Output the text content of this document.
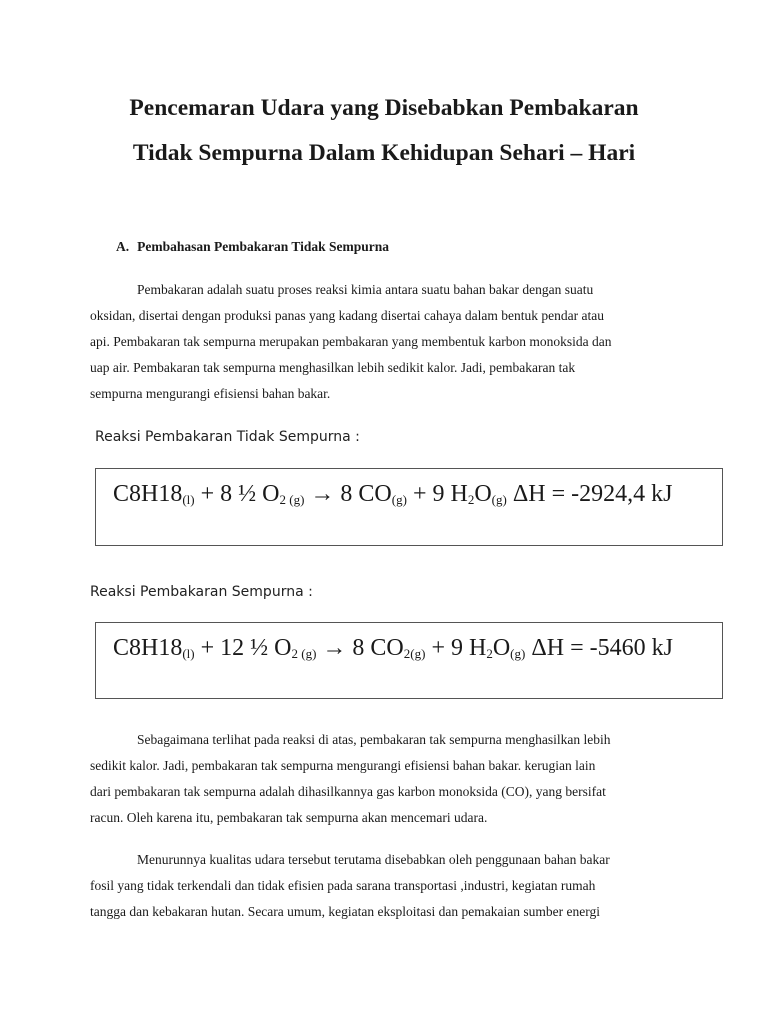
Pencemaran Udara yang Disebabkan Pembakaran
Tidak Sempurna Dalam Kehidupan Sehari – Hari
A. Pembahasan Pembakaran Tidak Sempurna
Pembakaran adalah suatu proses reaksi kimia antara suatu bahan bakar dengan suatu
oksidan, disertai dengan produksi panas yang kadang disertai cahaya dalam bentuk pendar atau
api. Pembakaran tak sempurna merupakan pembakaran yang membentuk karbon monoksida dan
uap air. Pembakaran tak sempurna menghasilkan lebih sedikit kalor. Jadi, pembakaran tak
sempurna mengurangi efisiensi bahan bakar.
Reaksi Pembakaran Tidak Sempurna :
$C8H18_{(l)} + 8$ ½ $O_{2 (g)} \to 8$ $CO_{(g)} + 9$ $H_2O_{(g)}$ ΔH = -2924,4 kJ
Reaksi Pembakaran Sempurna :
$C8H18_{(l)} + 12$ ½ $O_{2 (g)} \to 8$ $CO_{2(g)} + 9$ $H_2O_{(g)}$ ΔH = -5460 kJ
Sebagaimana terlihat pada reaksi di atas, pembakaran tak sempurna menghasilkan lebih
sedikit kalor. Jadi, pembakaran tak sempurna mengurangi efisiensi bahan bakar. kerugian lain
dari pembakaran tak sempurna adalah dihasilkannya gas karbon monoksida (CO), yang bersifat
racun. Oleh karena itu, pembakaran tak sempurna akan mencemari udara.
Menurunnya kualitas udara tersebut terutama disebabkan oleh penggunaan bahan bakar
fosil yang tidak terkendali dan tidak efisien pada sarana transportasi ,industri, kegiatan rumah
tangga dan kebakaran hutan. Secara umum, kegiatan eksploitasi dan pemakaian sumber energi
